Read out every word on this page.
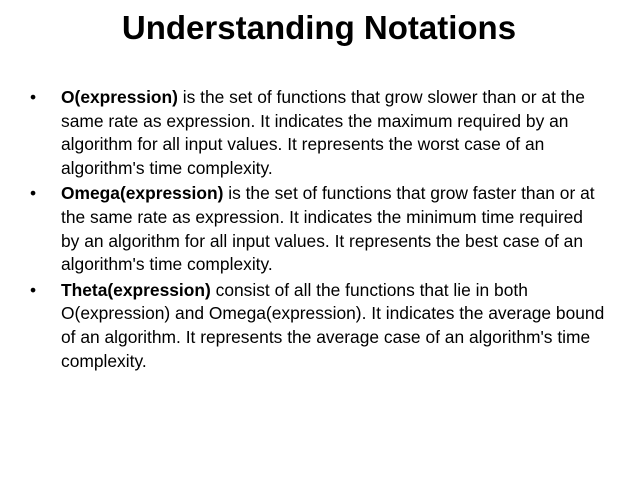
Understanding Notations
• O(expression) is the set of functions that grow slower than or at the same rate as expression. It indicates the maximum required by an algorithm for all input values. It represents the worst case of an algorithm's time complexity.
• Omega(expression) is the set of functions that grow faster than or at the same rate as expression. It indicates the minimum time required by an algorithm for all input values. It represents the best case of an algorithm's time complexity.
• Theta(expression) consist of all the functions that lie in both O(expression) and Omega(expression). It indicates the average bound of an algorithm. It represents the average case of an algorithm's time complexity.
